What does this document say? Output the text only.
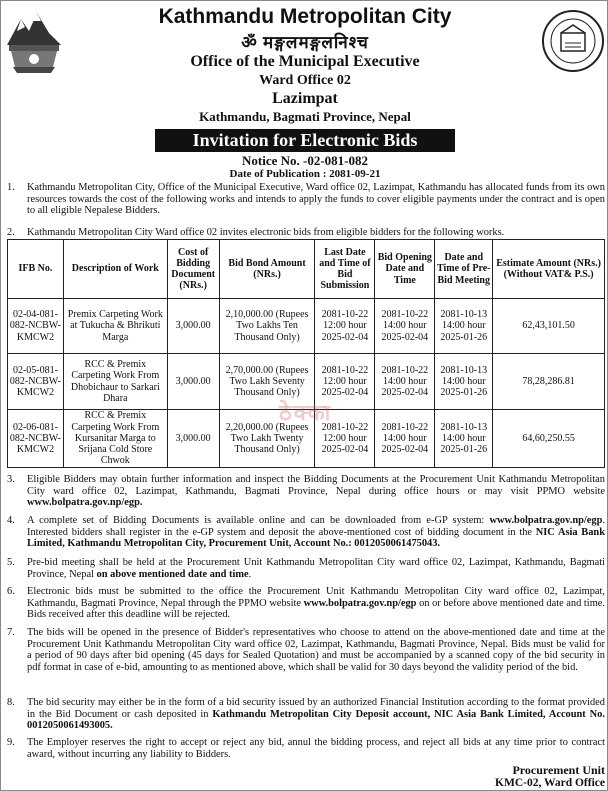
Kathmandu Metropolitan City
ॐ मङ्गलमङ्गलनिश्च
Office of the Municipal Executive
Ward Office 02
Lazimpat
Kathmandu, Bagmati Province, Nepal
Invitation for Electronic Bids
Notice No. -02-081-082
Date of Publication : 2081-09-21
1. Kathmandu Metropolitan City, Office of the Municipal Executive, Ward office 02, Lazimpat, Kathmandu has allocated funds from its own resources towards the cost of the following works and intends to apply the funds to cover eligible payments under the contract and is open to all eligible Nepalese Bidders.
2. Kathmandu Metropolitan City Ward office 02 invites electronic bids from eligible bidders for the following works.
IFB No.	Description of Work	Cost of Bidding Document (NRs.)	Bid Bond Amount (NRs.)	Last Date and Time of Bid Submission	Bid Opening Date and Time	Date and Time of Pre-Bid Meeting	Estimate Amount (NRs.) (Without VAT& P.S.)
02-04-081-082-NCBW-KMCW2	Premix Carpeting Work at Tukucha & Bhrikuti Marga	3,000.00	2,10,000.00 (Rupees Two Lakhs Ten Thousand Only)	2081-10-22 12:00 hour 2025-02-04	2081-10-22 14:00 hour 2025-02-04	2081-10-13 14:00 hour 2025-01-26	62,43,101.50
02-05-081-082-NCBW-KMCW2	RCC & Premix Carpeting Work From Dhobichaur to Sarkari Dhara	3,000.00	2,70,000.00 (Rupees Two Lakh Seventy Thousand Only)	2081-10-22 12:00 hour 2025-02-04	2081-10-22 14:00 hour 2025-02-04	2081-10-13 14:00 hour 2025-01-26	78,28,286.81
02-06-081-082-NCBW-KMCW2	RCC & Premix Carpeting Work From Kursanitar Marga to Srijana Cold Store Chwok	3,000.00	2,20,000.00 (Rupees Two Lakh Twenty Thousand Only)	2081-10-22 12:00 hour 2025-02-04	2081-10-22 14:00 hour 2025-02-04	2081-10-13 14:00 hour 2025-01-26	64,60,250.55
ठेक्का
3. Eligible Bidders may obtain further information and inspect the Bidding Documents at the Procurement Unit Kathmandu Metropolitan City ward office 02, Lazimpat, Kathmandu, Bagmati Province, Nepal during office hours or may visit PPMO website www.bolpatra.gov.np/egp.
4. A complete set of Bidding Documents is available online and can be downloaded from e-GP system: www.bolpatra.gov.np/egp. Interested bidders shall register in the e-GP system and deposit the above-mentioned cost of bidding document in the NIC Asia Bank Limited, Kathmandu Metropolitan City, Procurement Unit, Account No.: 0012050061475043.
5. Pre-bid meeting shall be held at the Procurement Unit Kathmandu Metropolitan City ward office 02, Lazimpat, Kathmandu, Bagmati Province, Nepal on above mentioned date and time.
6. Electronic bids must be submitted to the office the Procurement Unit Kathmandu Metropolitan City ward office 02, Lazimpat, Kathmandu, Bagmati Province, Nepal through the PPMO website www.bolpatra.gov.np/egp on or before above mentioned date and time. Bids received after this deadline will be rejected.
7. The bids will be opened in the presence of Bidder's representatives who choose to attend on the above-mentioned date and time at the Procurement Unit Kathmandu Metropolitan City ward office 02, Lazimpat, Kathmandu, Bagmati Province, Nepal. Bids must be valid for a period of 90 days after bid opening (45 days for Sealed Quotation) and must be accompanied by a scanned copy of the bid security in pdf format in case of e-bid, amounting to as mentioned above, which shall be valid for 30 days beyond the validity period of the bid.
8. The bid security may either be in the form of a bid security issued by an authorized Financial Institution according to the format provided in the Bid Document or cash deposited in Kathmandu Metropolitan City Deposit account, NIC Asia Bank Limited, Account No. 0012050061493005.
9. The Employer reserves the right to accept or reject any bid, annul the bidding process, and reject all bids at any time prior to contract award, without incurring any liability to Bidders.
Procurement Unit
KMC-02, Ward Office
